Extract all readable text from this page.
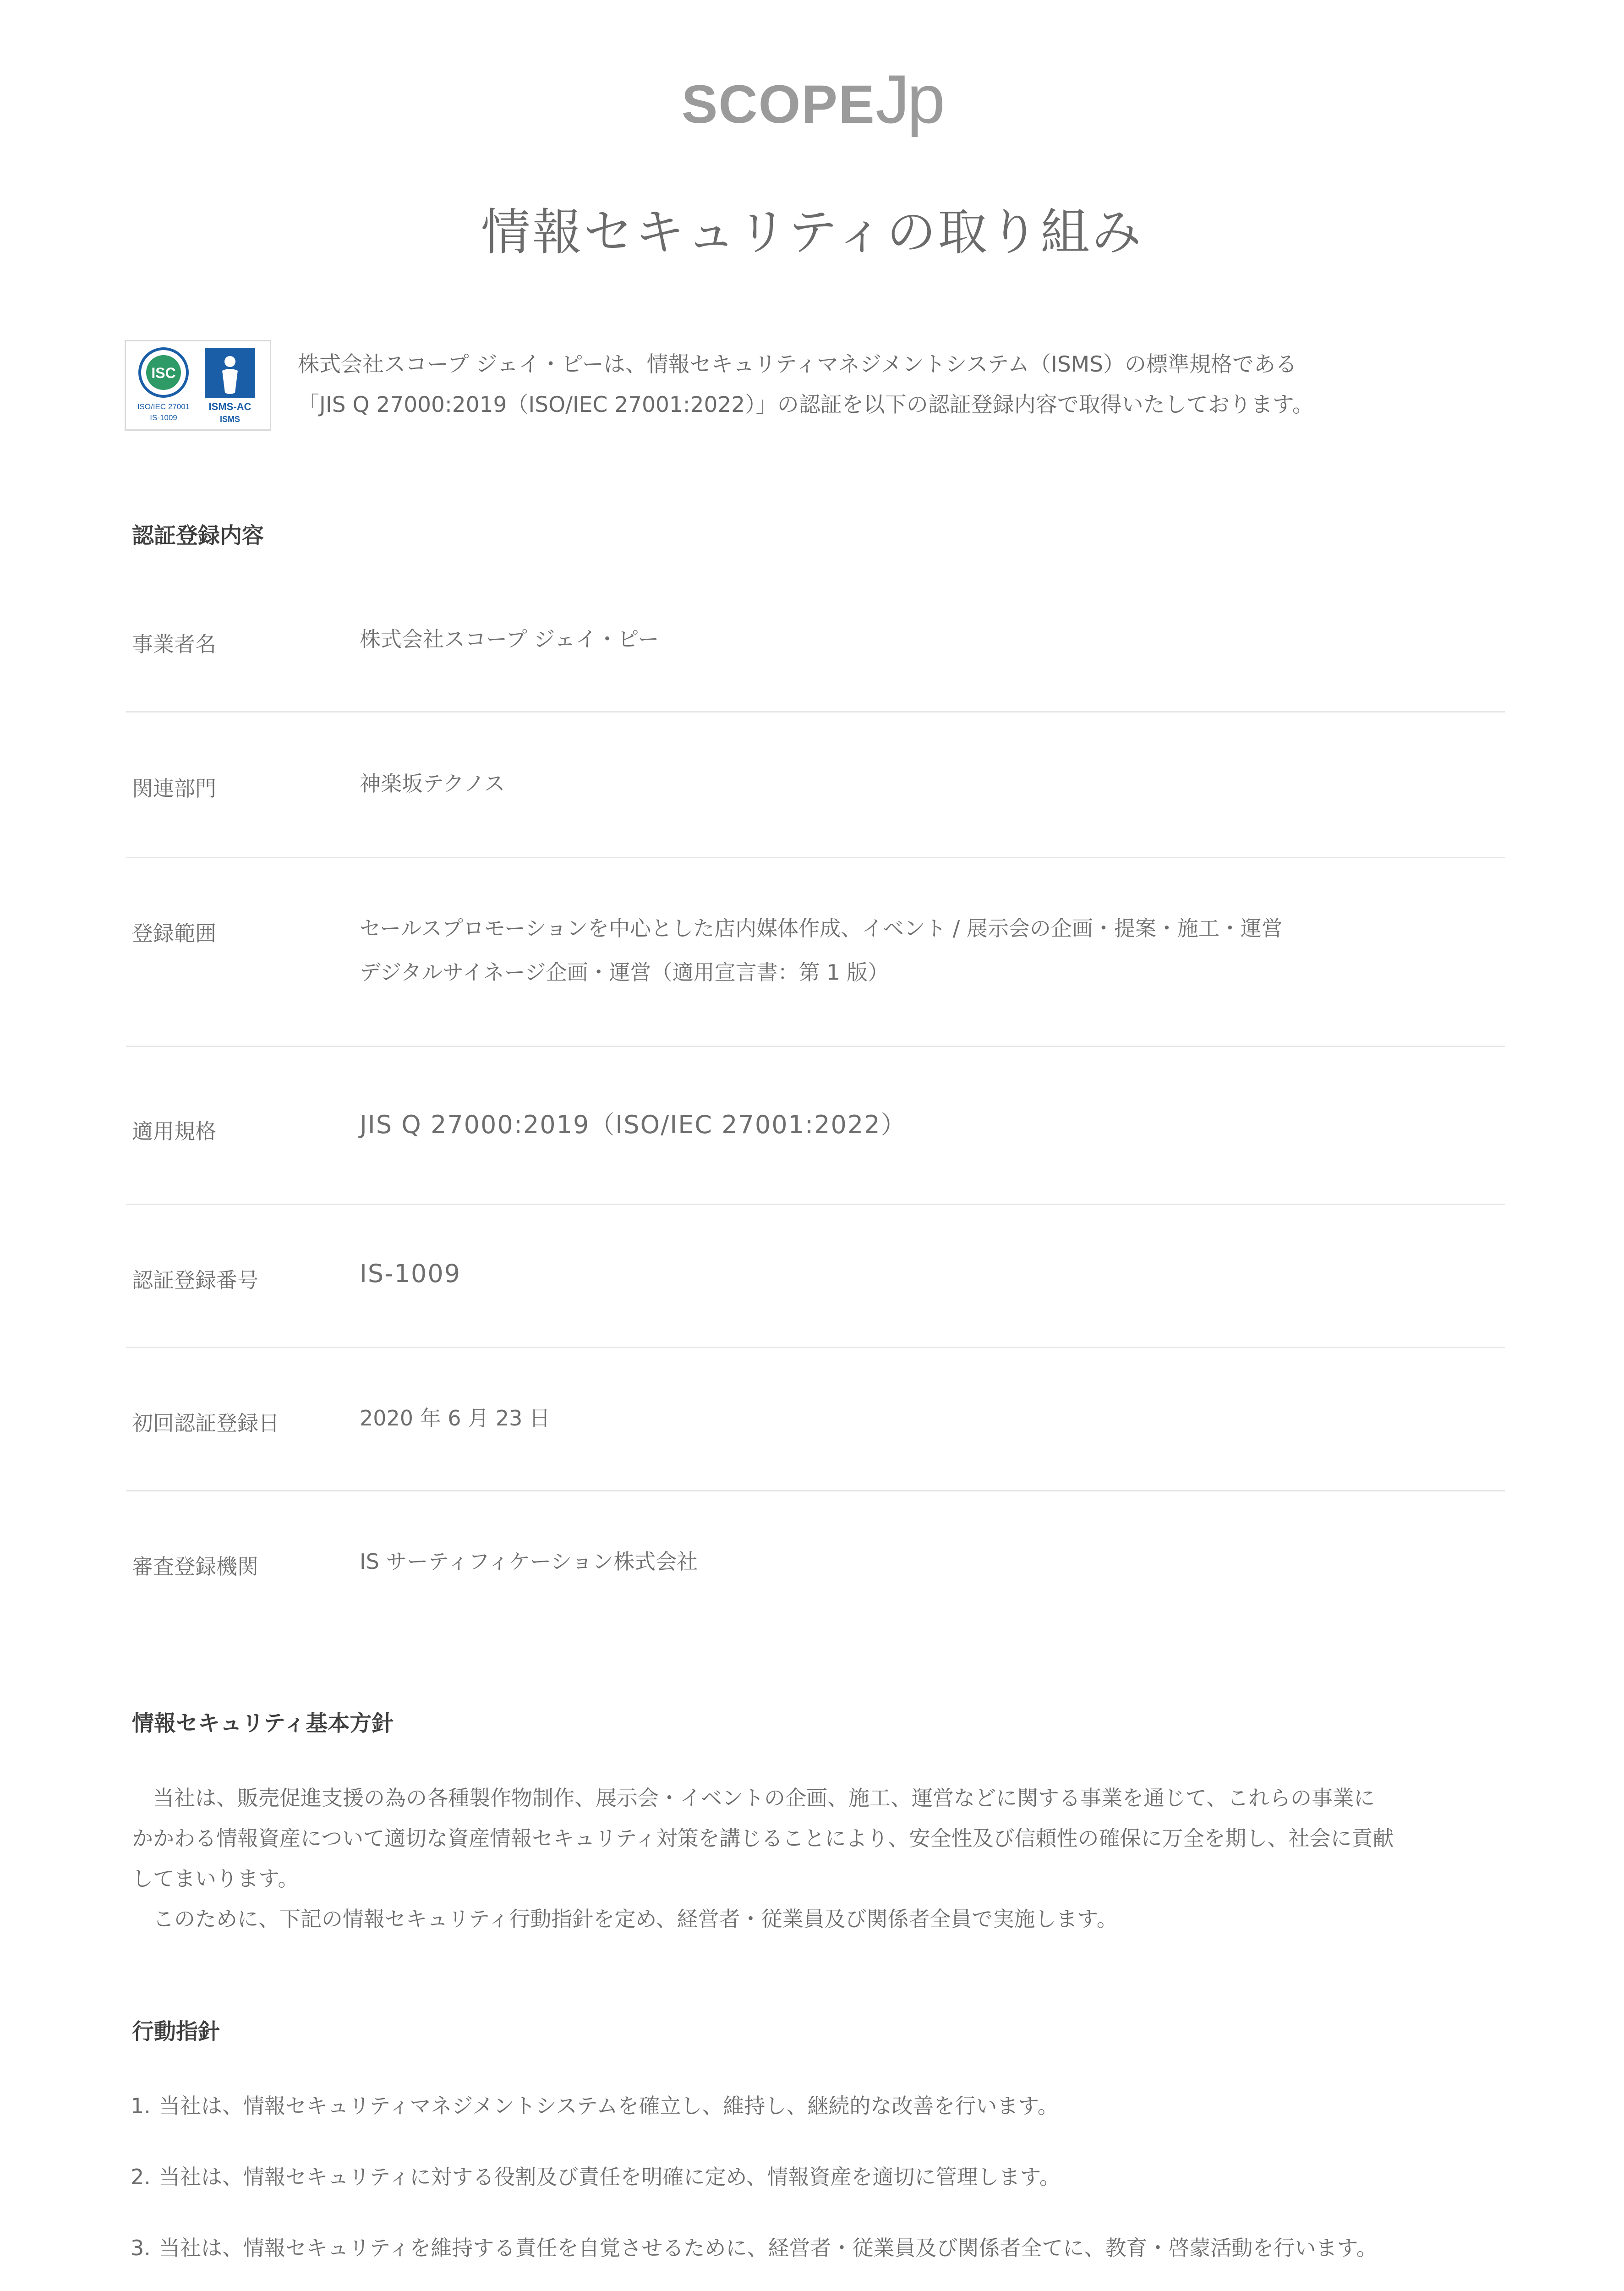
SCOPEJp
情報セキュリティの取り組み
ISC
ISO/IEC 27001
IS-1009
ISMS-AC
ISMS

株式会社スコープ ジェイ・ピーは、情報セキュリティマネジメントシステム（ISMS）の標準規格である

「JIS Q 27000:2019（ISO/IEC 27001:2022）」の認証を以下の認証登録内容で取得いたしております。

認証登録内容
事業者名	株式会社スコープ ジェイ・ピー

関連部門	神楽坂テクノス

登録範囲	セールスプロモーションを中心とした店内媒体作成、イベント / 展示会の企画・提案・施工・運営

デジタルサイネージ企画・運営（適用宣言書：第 1 版）

適用規格	JIS Q 27000:2019（ISO/IEC 27001:2022）

認証登録番号	IS-1009

初回認証登録日	2020 年 6 月 23 日

審査登録機関	IS サーティフィケーション株式会社

情報セキュリティ基本方針

　当社は、販売促進支援の為の各種製作物制作、展示会・イベントの企画、施工、運営などに関する事業を通じて、これらの事業に

かかわる情報資産について適切な資産情報セキュリティ対策を講じることにより、安全性及び信頼性の確保に万全を期し、社会に貢献

してまいります。

　このために、下記の情報セキュリティ行動指針を定め、経営者・従業員及び関係者全員で実施します。

行動指針
1. 当社は、情報セキュリティマネジメントシステムを確立し、維持し、継続的な改善を行います。
2. 当社は、情報セキュリティに対する役割及び責任を明確に定め、情報資産を適切に管理します。
3. 当社は、情報セキュリティを維持する責任を自覚させるために、経営者・従業員及び関係者全てに、教育・啓蒙活動を行います。
